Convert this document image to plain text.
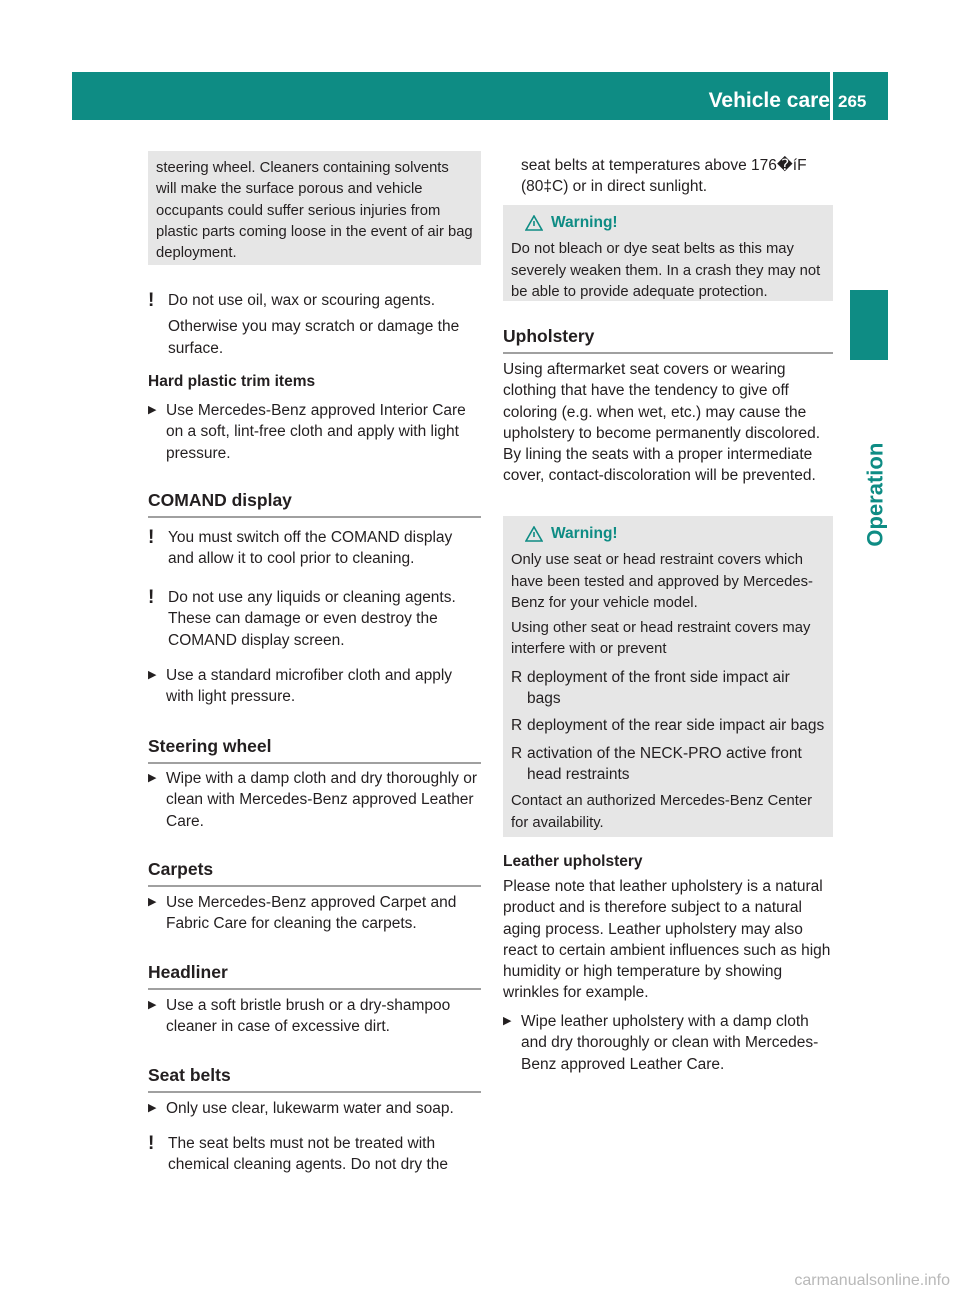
Vehicle care 265
Operation

steering wheel. Cleaners containing solvents will make the surface porous and vehicle occupants could suffer serious injuries from plastic parts coming loose in the event of air bag deployment.

! Do not use oil, wax or scouring agents.

Otherwise you may scratch or damage the surface.

Hard plastic trim items
▶ Use Mercedes-Benz approved Interior Care on a soft, lint-free cloth and apply with light pressure.
COMAND display
! You must switch off the COMAND display and allow it to cool prior to cleaning.
! Do not use any liquids or cleaning agents. These can damage or even destroy the COMAND display screen.
▶ Use a standard microfiber cloth and apply with light pressure.
Steering wheel
▶ Wipe with a damp cloth and dry thoroughly or clean with Mercedes-Benz approved Leather Care.
Carpets
▶ Use Mercedes-Benz approved Carpet and Fabric Care for cleaning the carpets.
Headliner
▶ Use a soft bristle brush or a dry-shampoo cleaner in case of excessive dirt.
Seat belts
▶ Only use clear, lukewarm water and soap.
! The seat belts must not be treated with chemical cleaning agents. Do not dry the
seat belts at temperatures above 176�íF (80‡C) or in direct sunlight.
Warning!

Do not bleach or dye seat belts as this may severely weaken them. In a crash they may not be able to provide adequate protection.

Upholstery
Using aftermarket seat covers or wearing clothing that have the tendency to give off coloring (e.g. when wet, etc.) may cause the upholstery to become permanently discolored. By lining the seats with a proper intermediate cover, contact-discoloration will be prevented.
Warning!

Only use seat or head restraint covers which have been tested and approved by Mercedes-Benz for your vehicle model.

Using other seat or head restraint covers may interfere with or prevent

R deployment of the front side impact air bags
R deployment of the rear side impact air bags
R activation of the NECK-PRO active front head restraints

Contact an authorized Mercedes-Benz Center for availability.

Leather upholstery
Please note that leather upholstery is a natural product and is therefore subject to a natural aging process. Leather upholstery may also react to certain ambient influences such as high humidity or high temperature by showing wrinkles for example.
▶ Wipe leather upholstery with a damp cloth and dry thoroughly or clean with Mercedes-Benz approved Leather Care.
carmanualsonline.info
